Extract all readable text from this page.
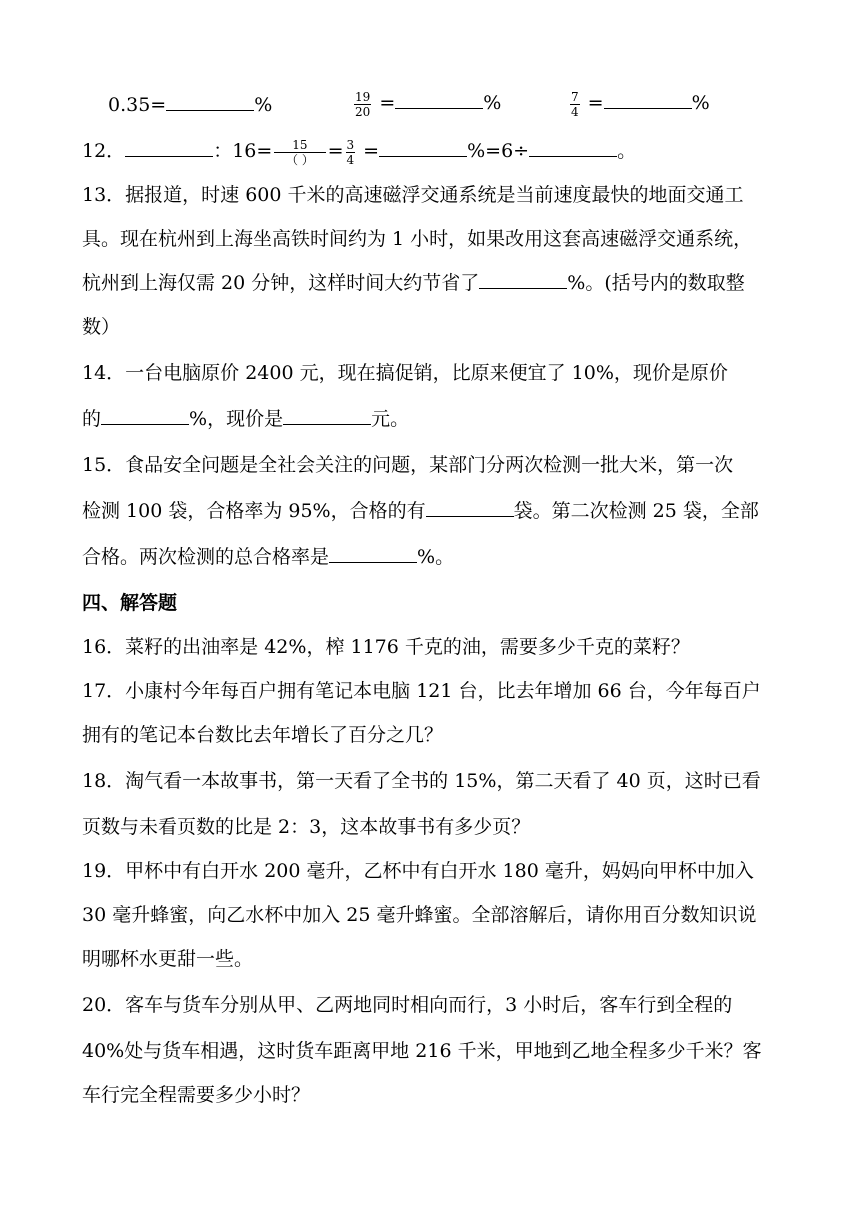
0.35=	%	$\frac{19}{20}$ =	%	$\frac{7}{4}$ =	%
12．	：$16= \frac{15}{( )} = \frac{3}{4}$ =	%=6÷	。
13．据报道，时速 600 千米的高速磁浮交通系统是当前速度最快的地面交通工
具。现在杭州到上海坐高铁时间约为 1 小时，如果改用这套高速磁浮交通系统，
杭州到上海仅需 20 分钟，这样时间大约节省了	%。(括号内的数取整
数）
14．一台电脑原价 2400 元，现在搞促销，比原来便宜了 10%，现价是原价
的	%，现价是	元。
15．食品安全问题是全社会关注的问题，某部门分两次检测一批大米，第一次
检测 100 袋，合格率为 95%，合格的有	袋。第二次检测 25 袋，全部
合格。两次检测的总合格率是	%。
四、解答题
16．菜籽的出油率是 42%，榨 1176 千克的油，需要多少千克的菜籽？
17．小康村今年每百户拥有笔记本电脑 121 台，比去年增加 66 台，今年每百户
拥有的笔记本台数比去年增长了百分之几？
18．淘气看一本故事书，第一天看了全书的 15%，第二天看了 40 页，这时已看
页数与未看页数的比是 2：3，这本故事书有多少页？
19．甲杯中有白开水 200 毫升，乙杯中有白开水 180 毫升，妈妈向甲杯中加入
30 毫升蜂蜜，向乙水杯中加入 25 毫升蜂蜜。全部溶解后，请你用百分数知识说
明哪杯水更甜一些。
20．客车与货车分别从甲、乙两地同时相向而行，3 小时后，客车行到全程的
40%处与货车相遇，这时货车距离甲地 216 千米，甲地到乙地全程多少千米？客
车行完全程需要多少小时？
